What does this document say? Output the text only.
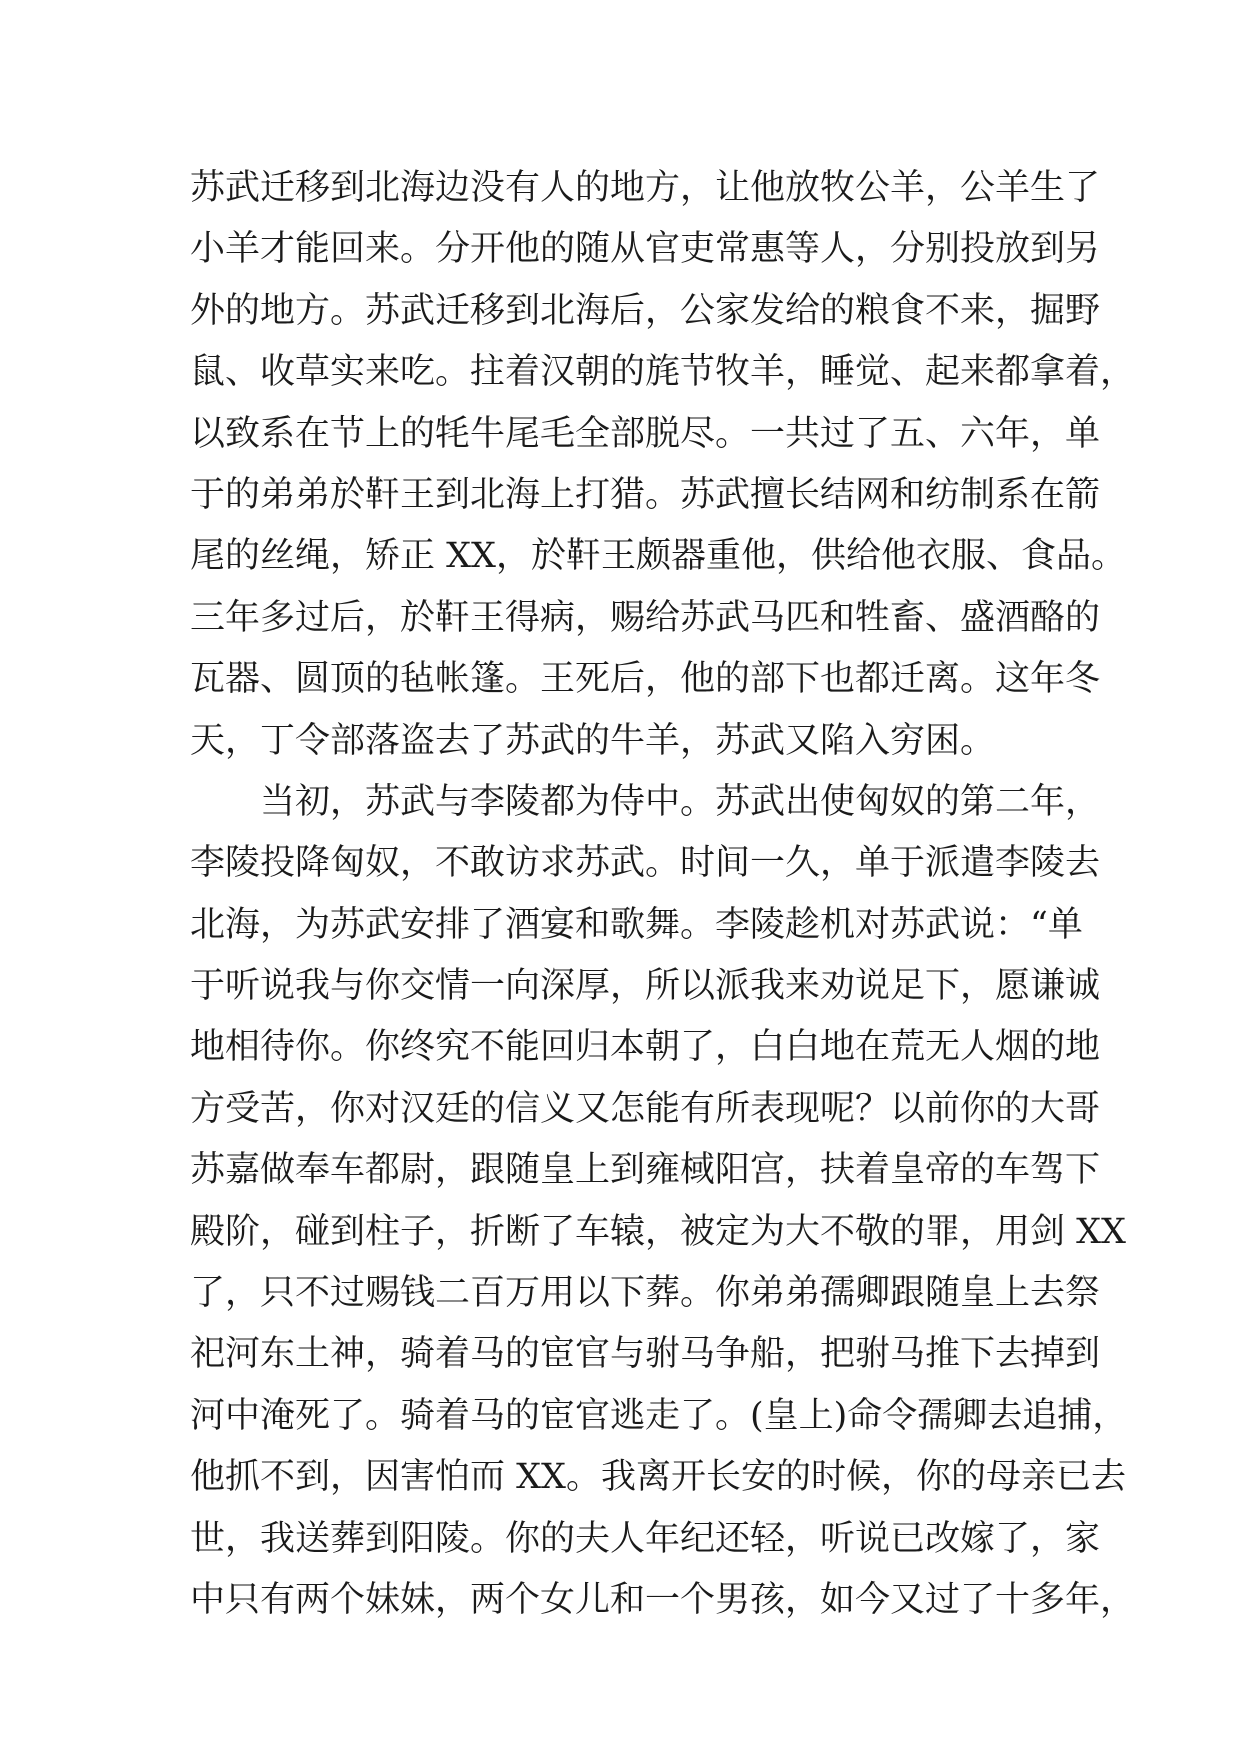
苏武迁移到北海边没有人的地方，让他放牧公羊，公羊生了
小羊才能回来。分开他的随从官吏常惠等人，分别投放到另
外的地方。苏武迁移到北海后，公家发给的粮食不来，掘野
鼠、收草实来吃。拄着汉朝的旄节牧羊，睡觉、起来都拿着，
以致系在节上的牦牛尾毛全部脱尽。一共过了五、六年，单
于的弟弟於靬王到北海上打猎。苏武擅长结网和纺制系在箭
尾的丝绳，矫正 XX，於靬王颇器重他，供给他衣服、食品。
三年多过后，於靬王得病，赐给苏武马匹和牲畜、盛酒酪的
瓦器、圆顶的毡帐篷。王死后，他的部下也都迁离。这年冬
天，丁令部落盗去了苏武的牛羊，苏武又陷入穷困。
当初，苏武与李陵都为侍中。苏武出使匈奴的第二年，
李陵投降匈奴，不敢访求苏武。时间一久，单于派遣李陵去
北海，为苏武安排了酒宴和歌舞。李陵趁机对苏武说：“单
于听说我与你交情一向深厚，所以派我来劝说足下，愿谦诚
地相待你。你终究不能回归本朝了，白白地在荒无人烟的地
方受苦，你对汉廷的信义又怎能有所表现呢？以前你的大哥
苏嘉做奉车都尉，跟随皇上到雍棫阳宫，扶着皇帝的车驾下
殿阶，碰到柱子，折断了车辕，被定为大不敬的罪，用剑 XX
了，只不过赐钱二百万用以下葬。你弟弟孺卿跟随皇上去祭
祀河东土神，骑着马的宦官与驸马争船，把驸马推下去掉到
河中淹死了。骑着马的宦官逃走了。(皇上)命令孺卿去追捕，
他抓不到，因害怕而 XX。我离开长安的时候，你的母亲已去
世，我送葬到阳陵。你的夫人年纪还轻，听说已改嫁了，家
中只有两个妹妹，两个女儿和一个男孩，如今又过了十多年，
